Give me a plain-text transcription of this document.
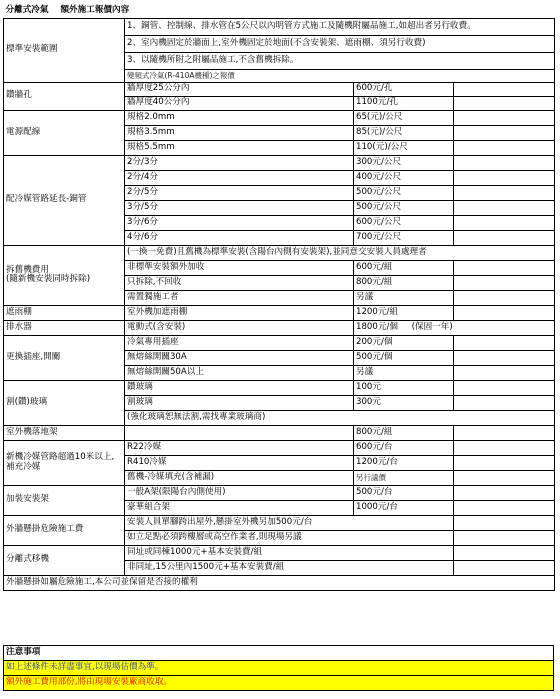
分離式冷氣 額外施工報價內容			
標準安裝範圍	1、銅管、控制線、排水管在5公尺以內明管方式施工及隨機附屬品施工,如超出者另行收費。		
	2、室內機固定於牆面上,室外機固定於地面(不含安裝架、遮雨棚、須另行收費)		
	3、以隨機所附之附屬品施工,不含舊機拆除。		
	變頻式冷氣(R-410A機種)之報價		
鑽牆孔	牆厚度25公分內	600元/孔	
	牆厚度40公分內	1100元/孔	
電源配線	規格2.0mm	65(元)/公尺	
	規格3.5mm	85(元)/公尺	
	規格5.5mm	110(元)/公尺	
配冷媒管路延長-銅管	2分/3分	300元/公尺	
	2分/4分	400元/公尺	
	2分/5分	500元/公尺	
	3分/5分	500元/公尺	
	3分/6分	600元/公尺	
	4分/6分	700元/公尺	
拆舊機費用
(隨新機安裝同時拆除)	(一換一免費)且舊機為標準安裝(含陽台內側有安裝架),並同意交安裝人員處理者		
	非標準安裝額外加收	600元/組	
	只拆除,不回收	800元/組	
	需置獨施工者	另議	
遮雨棚	室外機加遮雨棚	1200元/組	
排水器	電動式(含安裝)	1800元/個 (保固一年)	
更換插座,開關	冷氣專用插座	200元/個	
	無熔絲開關30A	500元/個	
	無熔絲開關50A以上	另議	
割(鑽)玻璃	鑽玻璃	100元	
	割玻璃	300元	
	(強化玻璃恕無法割,需找專業玻璃商)		
室外機落地架		800元/組	
新機冷媒管路超過10米以上,補充冷媒	R22冷媒	600元/台	
	R410冷媒	1200元/台	
	舊機-冷媒填充(含補漏)	另行議價	
加裝安裝架	一般A架(限陽台內側使用)	500元/台	
	豪華組合架	1000元/台	
外牆懸掛危險施工費	安裝人員單腳跨出屋外,懸掛室外機另加500元/台		
	如立足點必須跨樓層或高空作業者,則現場另議		
分離式移機	同址或同棟1000元+基本安裝費/組		
	非同址,15公里內1500元+基本安裝費/組		
外牆懸掛如屬危險施工,本公司並保留是否接的權利			
注意事項
如上述條件未詳盡事宜,以現場估價為準。
額外施工費用部份,將由現場安裝廠商收取。
